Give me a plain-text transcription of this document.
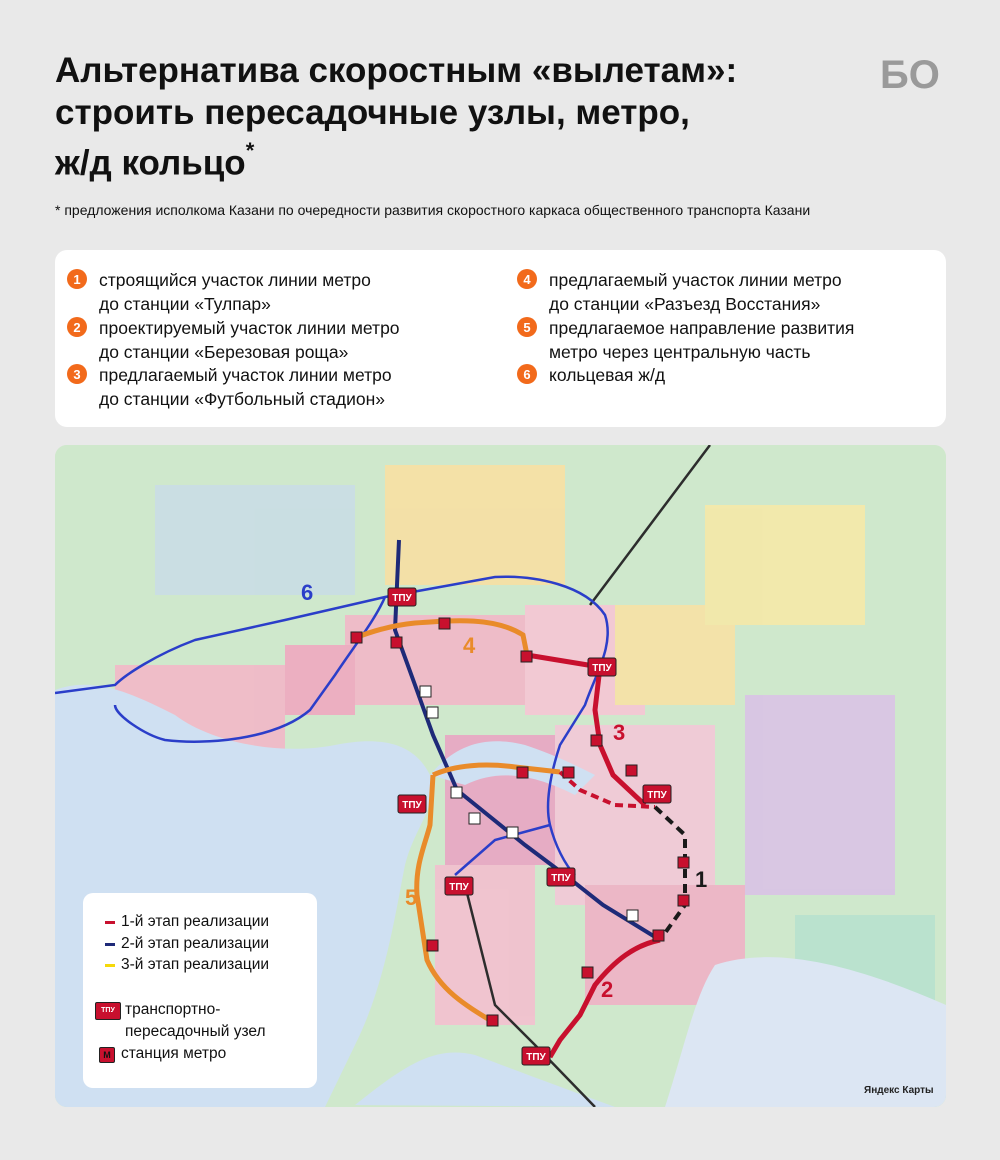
Альтернатива скоростным «вылетам»:
строить пересадочные узлы, метро,
ж/д кольцо*
БО
* предложения исполкома Казани по очередности развития скоростного каркаса общественного транспорта Казани
1	строящийся участок линии метро
до станции «Тулпар»
2	проектируемый участок линии метро
до станции «Березовая роща»
3	предлагаемый участок линии метро
до станции «Футбольный стадион»
4	предлагаемый участок линии метро
до станции «Разъезд Восстания»
5	предлагаемое направление развития
метро через центральную часть
6	кольцевая ж/д
ТПУ
ТПУ
ТПУ
ТПУ
ТПУ
ТПУ
ТПУ
1
2
3
4
5
6
1-й этап реализации
2-й этап реализации
3-й этап реализации
ТПУ транспортно-
пересадочный узел
М станция метро
Яндекс Карты
